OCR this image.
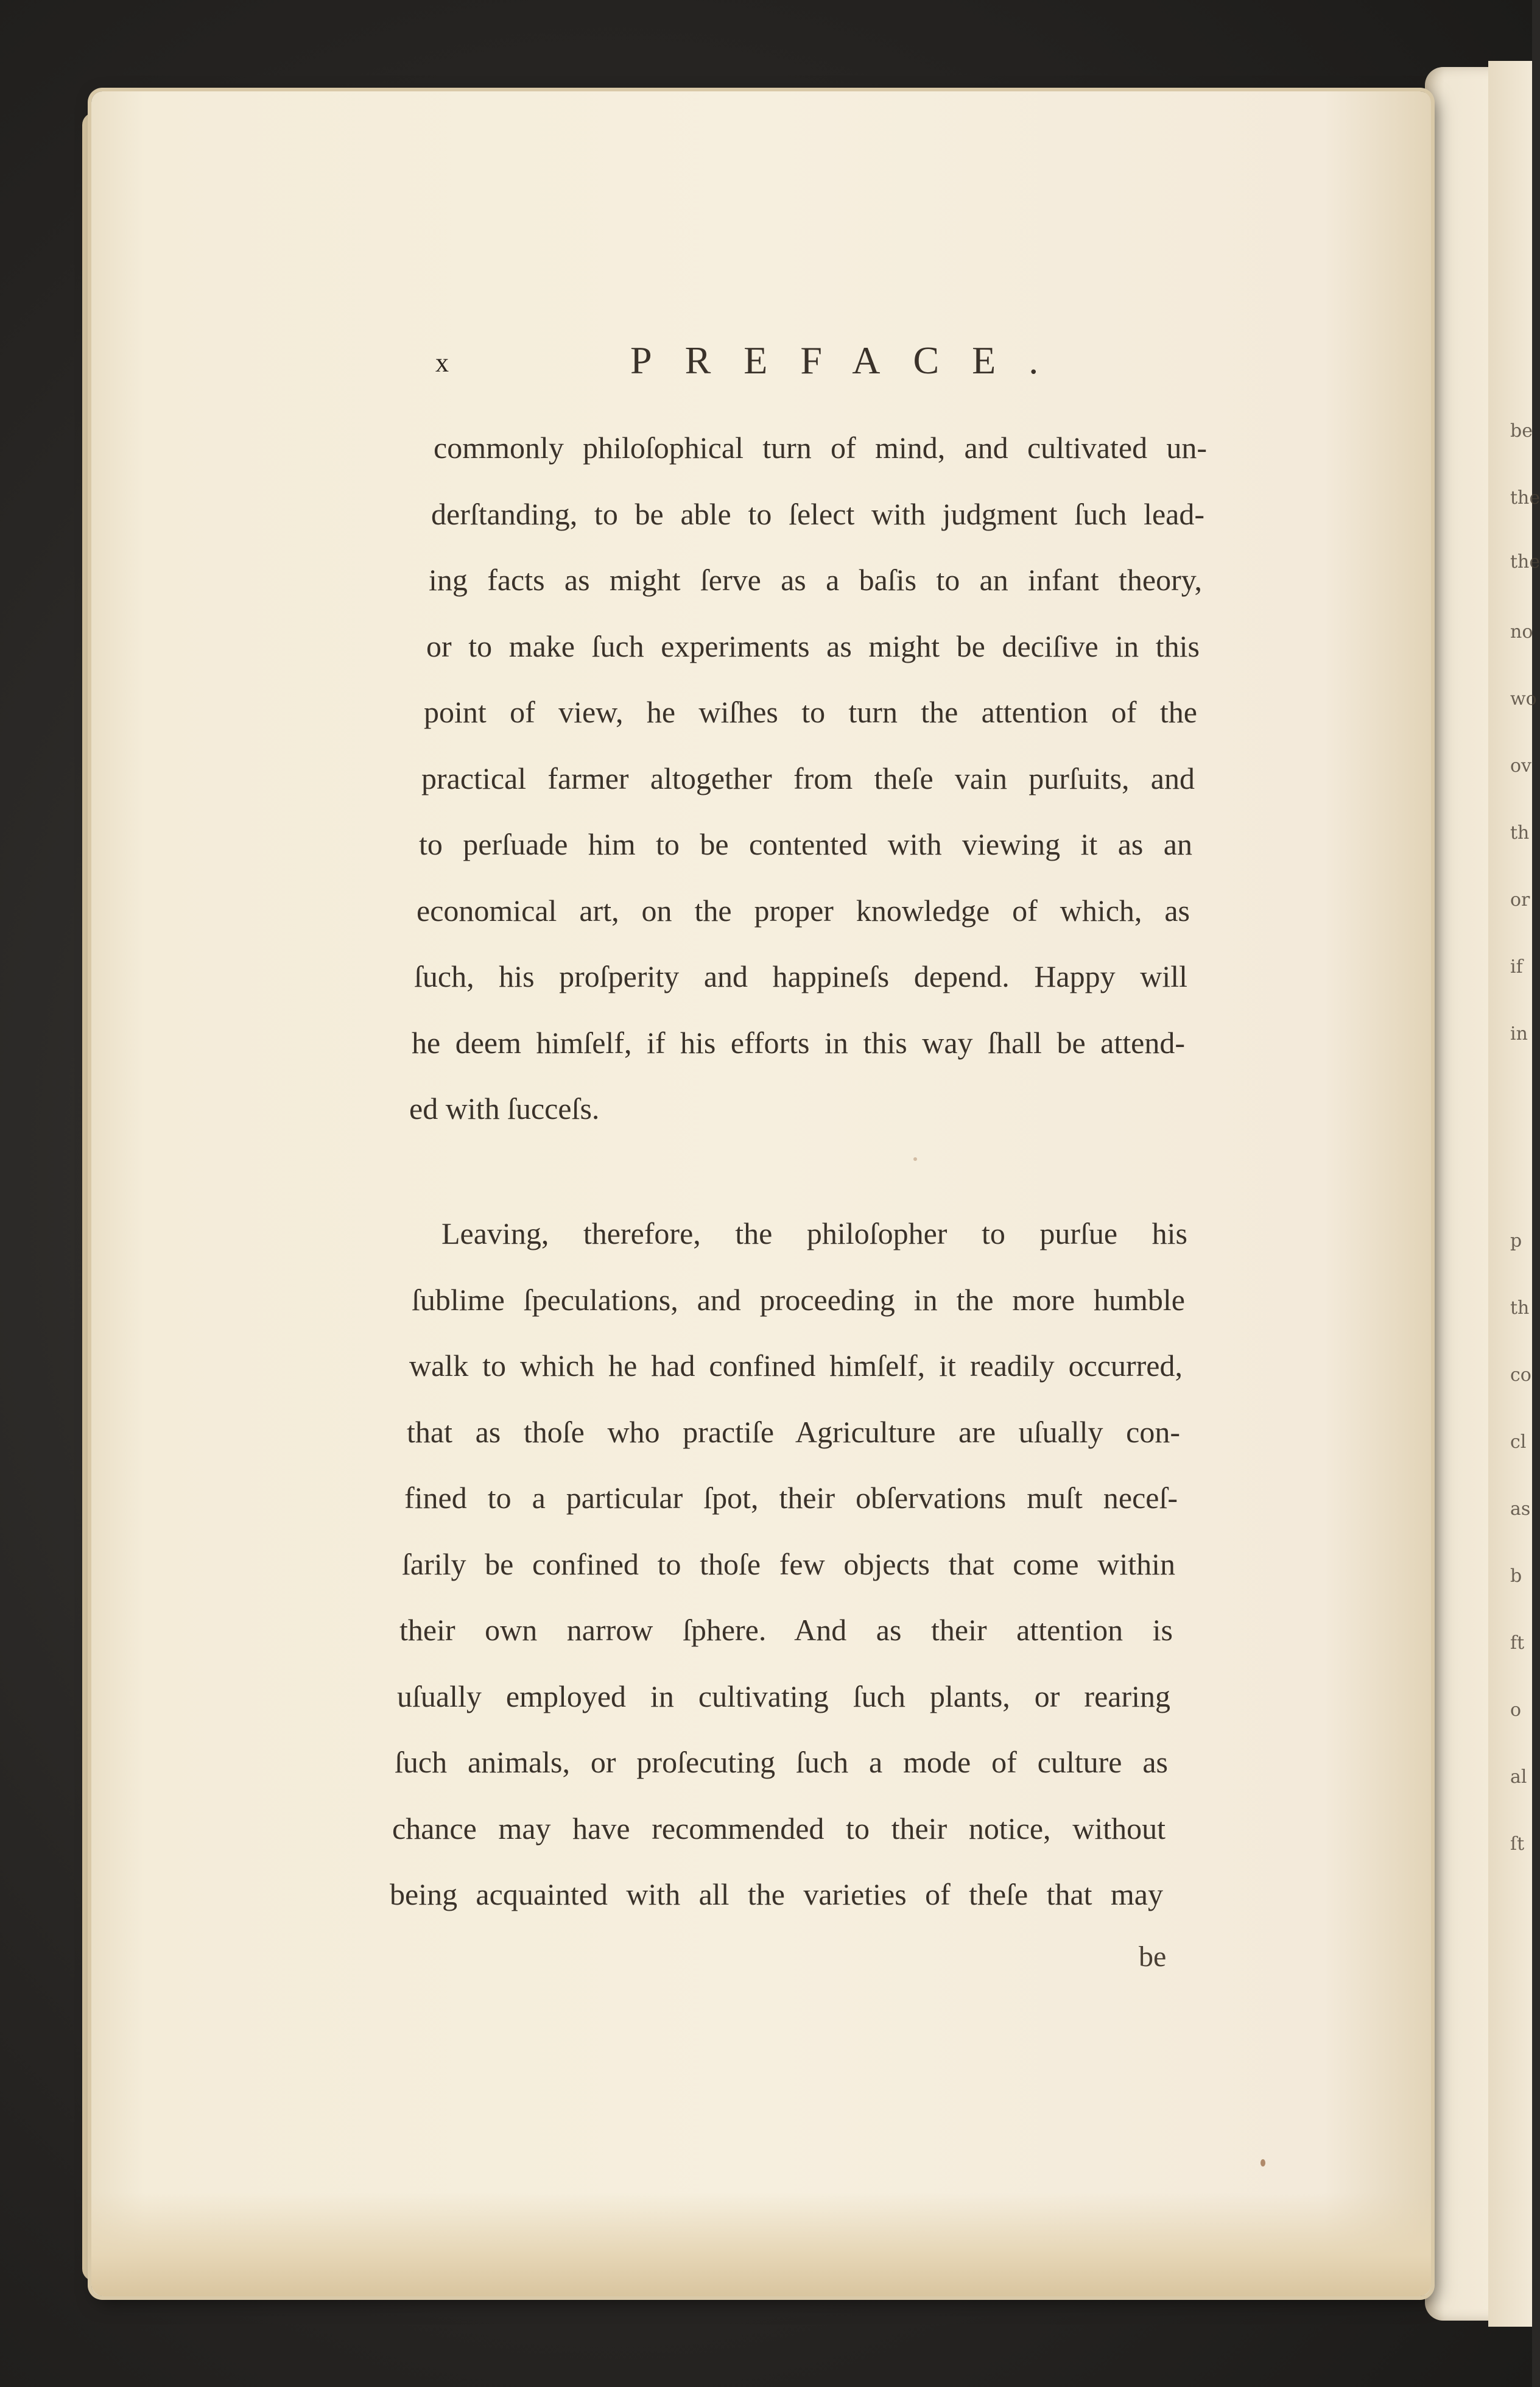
be
the
the
no
wo
ov
th
or
if
in
p
th
co
cl
as
b
ft
o
al
ſt
x	PREFACE.
commonly philoſophical turn of mind, and cultivated un-
derſtanding, to be able to ſelect with judgment ſuch lead-
ing facts as might ſerve as a baſis to an infant theory,
or to make ſuch experiments as might be deciſive in this
point of view, he wiſhes to turn the attention of the
practical farmer altogether from theſe vain purſuits, and
to perſuade him to be contented with viewing it as an
economical art, on the proper knowledge of which, as
ſuch, his proſperity and happineſs depend. Happy will
he deem himſelf, if his efforts in this way ſhall be attend-
ed with ſucceſs.
Leaving, therefore, the philoſopher to purſue his
ſublime ſpeculations, and proceeding in the more humble
walk to which he had confined himſelf, it readily occurred,
that as thoſe who practiſe Agriculture are uſually con-
fined to a particular ſpot, their obſervations muſt neceſ-
ſarily be confined to thoſe few objects that come within
their own narrow ſphere. And as their attention is
uſually employed in cultivating ſuch plants, or rearing
ſuch animals, or proſecuting ſuch a mode of culture as
chance may have recommended to their notice, without
being acquainted with all the varieties of theſe that may
be
